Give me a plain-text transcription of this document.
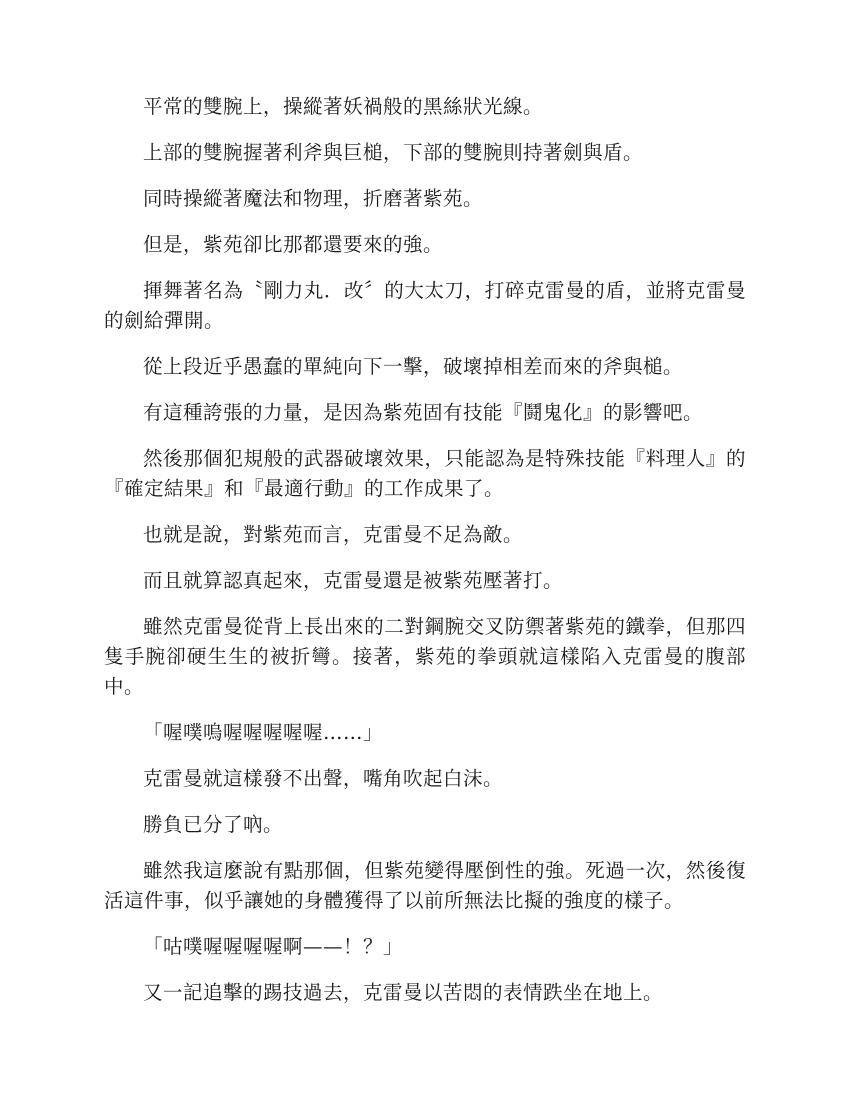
平常的雙腕上，操縱著妖禍般的黑絲狀光線。

上部的雙腕握著利斧與巨槌，下部的雙腕則持著劍與盾。

同時操縱著魔法和物理，折磨著紫苑。

但是，紫苑卻比那都還要來的強。

揮舞著名為〝剛力丸．改〞的大太刀，打碎克雷曼的盾，並將克雷曼的劍給彈開。

從上段近乎愚蠢的單純向下一擊，破壞掉相差而來的斧與槌。

有這種誇張的力量，是因為紫苑固有技能『鬪鬼化』的影響吧。

然後那個犯規般的武器破壞效果，只能認為是特殊技能『料理人』的『確定結果』和『最適行動』的工作成果了。

也就是說，對紫苑而言，克雷曼不足為敵。

而且就算認真起來，克雷曼還是被紫苑壓著打。

雖然克雷曼從背上長出來的二對鋼腕交叉防禦著紫苑的鐵拳，但那四隻手腕卻硬生生的被折彎。接著，紫苑的拳頭就這樣陷入克雷曼的腹部中。

「喔噗嗚喔喔喔喔喔……」

克雷曼就這樣發不出聲，嘴角吹起白沫。

勝負已分了吶。

雖然我這麼說有點那個，但紫苑變得壓倒性的強。死過一次，然後復活這件事，似乎讓她的身體獲得了以前所無法比擬的強度的樣子。

「咕噗喔喔喔喔啊——！？」

又一記追擊的踢技過去，克雷曼以苦悶的表情跌坐在地上。
